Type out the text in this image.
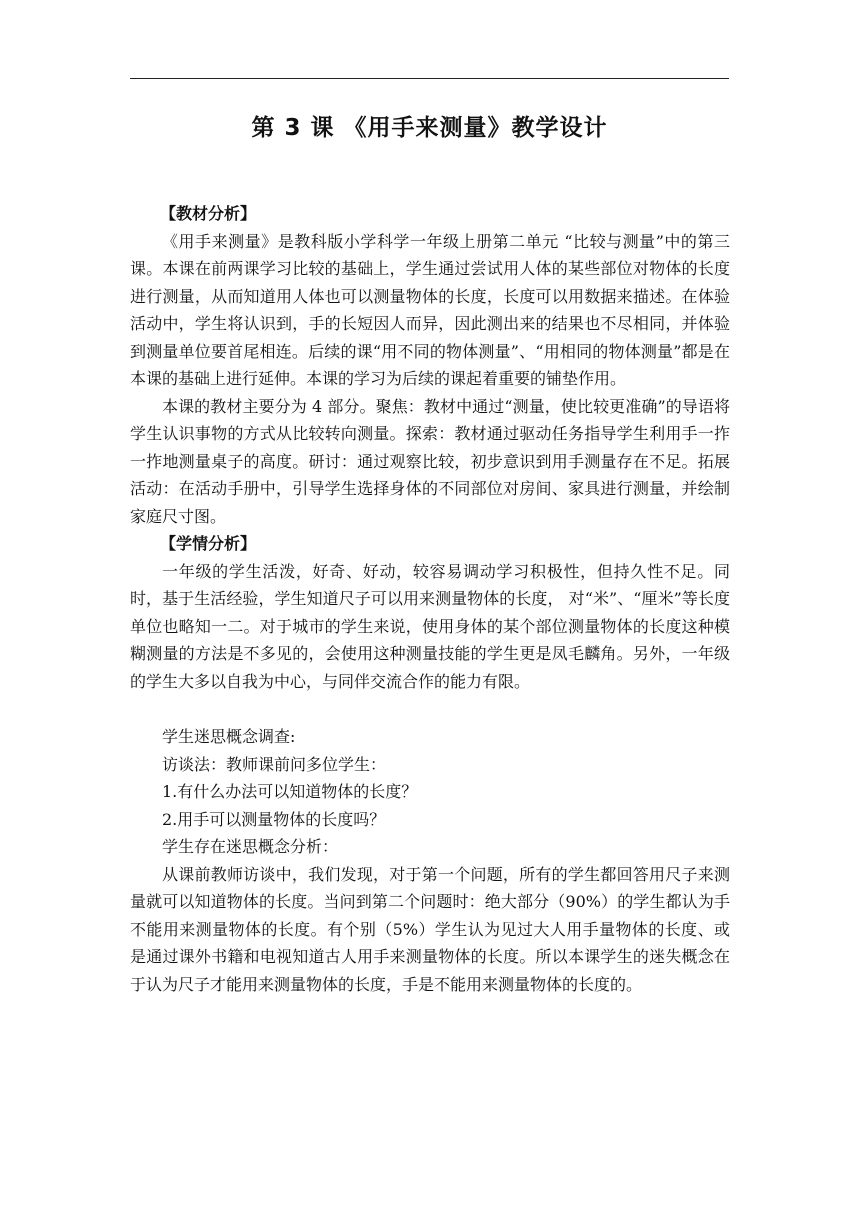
第 3 课 《用手来测量》教学设计

【教材分析】

《用手来测量》是教科版小学科学一年级上册第二单元 “比较与测量”中的第三课。本课在前两课学习比较的基础上，学生通过尝试用人体的某些部位对物体的长度进行测量，从而知道用人体也可以测量物体的长度，长度可以用数据来描述。在体验活动中，学生将认识到，手的长短因人而异，因此测出来的结果也不尽相同，并体验到测量单位要首尾相连。后续的课“用不同的物体测量”、“用相同的物体测量”都是在本课的基础上进行延伸。本课的学习为后续的课起着重要的铺垫作用。

本课的教材主要分为 4 部分。聚焦：教材中通过“测量，使比较更准确”的导语将学生认识事物的方式从比较转向测量。探索：教材通过驱动任务指导学生利用手一拃一拃地测量桌子的高度。研讨：通过观察比较，初步意识到用手测量存在不足。拓展活动：在活动手册中，引导学生选择身体的不同部位对房间、家具进行测量，并绘制家庭尺寸图。

【学情分析】

一年级的学生活泼，好奇、好动，较容易调动学习积极性，但持久性不足。同时，基于生活经验，学生知道尺子可以用来测量物体的长度， 对“米”、“厘米”等长度单位也略知一二。对于城市的学生来说，使用身体的某个部位测量物体的长度这种模糊测量的方法是不多见的，会使用这种测量技能的学生更是凤毛麟角。另外，一年级的学生大多以自我为中心，与同伴交流合作的能力有限。

学生迷思概念调查:

访谈法：教师课前问多位学生：

1.有什么办法可以知道物体的长度？

2.用手可以测量物体的长度吗？

学生存在迷思概念分析：

从课前教师访谈中，我们发现，对于第一个问题，所有的学生都回答用尺子来测量就可以知道物体的长度。当问到第二个问题时：绝大部分（90%）的学生都认为手不能用来测量物体的长度。有个别（5%）学生认为见过大人用手量物体的长度、或是通过课外书籍和电视知道古人用手来测量物体的长度。所以本课学生的迷失概念在于认为尺子才能用来测量物体的长度，手是不能用来测量物体的长度的。
